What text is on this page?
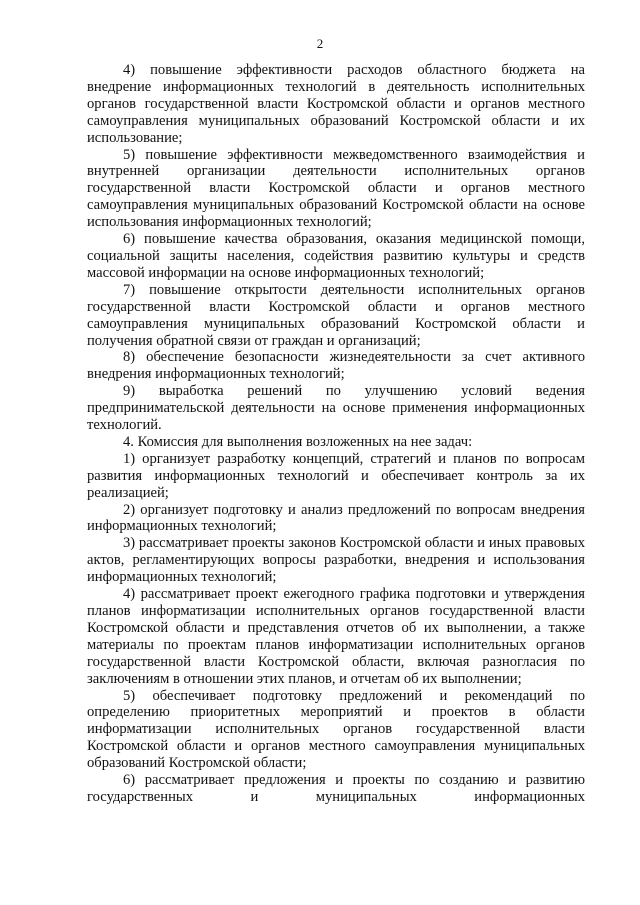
2

4) повышение эффективности расходов областного бюджета на внедрение информационных технологий в деятельность исполнительных органов государственной власти Костромской области и органов местного самоуправления муниципальных образований Костромской области и их использование;

5) повышение эффективности межведомственного взаимодействия и внутренней организации деятельности исполнительных органов государственной власти Костромской области и органов местного самоуправления муниципальных образований Костромской области на основе использования информационных технологий;

6) повышение качества образования, оказания медицинской помощи, социальной защиты населения, содействия развитию культуры и средств массовой информации на основе информационных технологий;

7) повышение открытости деятельности исполнительных органов государственной власти Костромской области и органов местного самоуправления муниципальных образований Костромской области и получения обратной связи от граждан и организаций;

8) обеспечение безопасности жизнедеятельности за счет активного внедрения информационных технологий;

9) выработка решений по улучшению условий ведения предпринимательской деятельности на основе применения информационных технологий.

4. Комиссия для выполнения возложенных на нее задач:

1) организует разработку концепций, стратегий и планов по вопросам развития информационных технологий и обеспечивает контроль за их реализацией;

2) организует подготовку и анализ предложений по вопросам внедрения информационных технологий;

3) рассматривает проекты законов Костромской области и иных правовых актов, регламентирующих вопросы разработки, внедрения и использования информационных технологий;

4) рассматривает проект ежегодного графика подготовки и утверждения планов информатизации исполнительных органов государственной власти Костромской области и представления отчетов об их выполнении, а также материалы по проектам планов информатизации исполнительных органов государственной власти Костромской области, включая разногласия по заключениям в отношении этих планов, и отчетам об их выполнении;

5) обеспечивает подготовку предложений и рекомендаций по определению приоритетных мероприятий и проектов в области информатизации исполнительных органов государственной власти Костромской области и органов местного самоуправления муниципальных образований Костромской области;

6) рассматривает предложения и проекты по созданию и развитию государственных и муниципальных информационных
